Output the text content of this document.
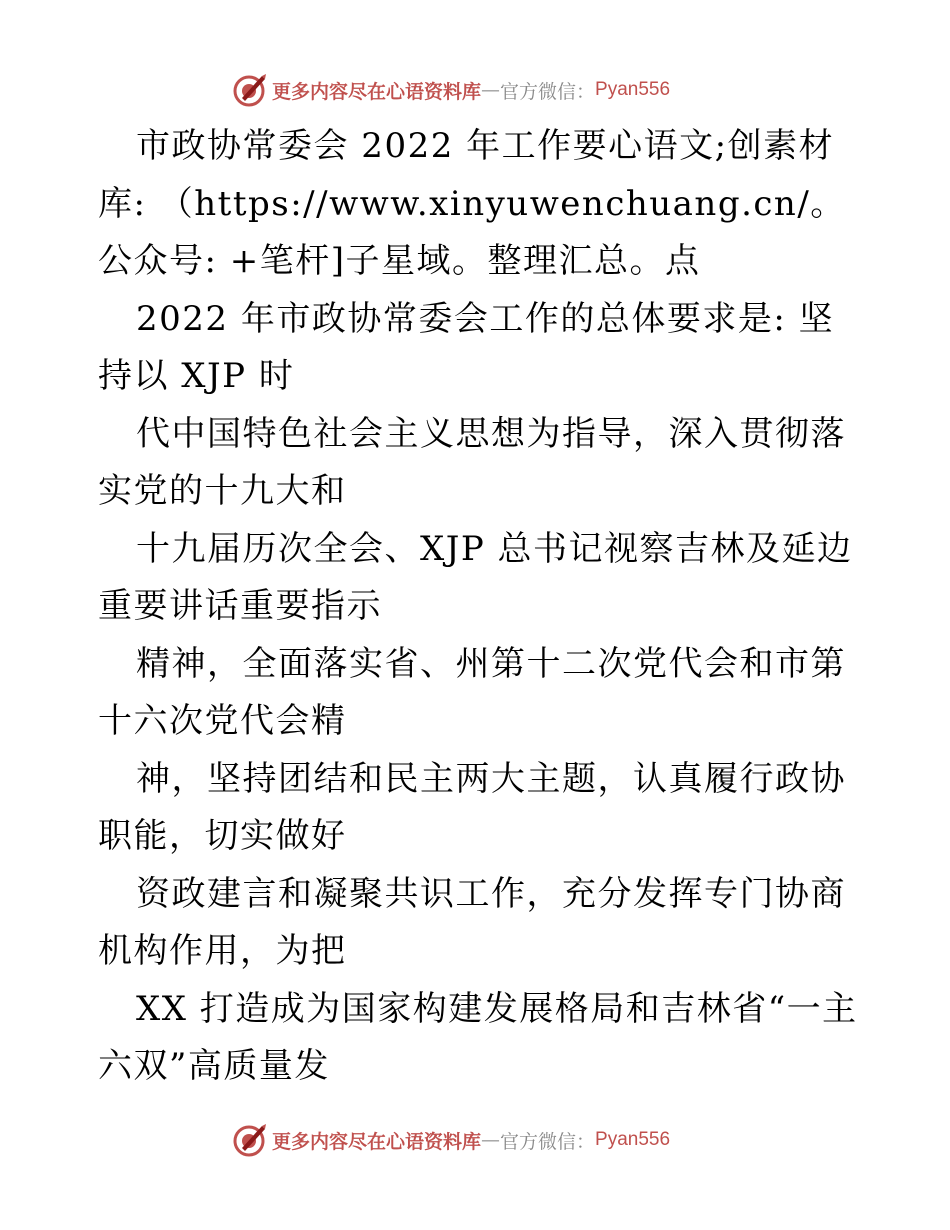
更多内容尽在心语资料库 — 官方微信： Pyan556

市政协常委会 2022 年工作要心语文;创素材库: （https://www.xinyuwenchuang.cn/。公众号: +笔杆]子星域。整理汇总。点

2022 年市政协常委会工作的总体要求是: 坚持以 XJP 时

代中国特色社会主义思想为指导，深入贯彻落实党的十九大和

十九届历次全会、XJP 总书记视察吉林及延边重要讲话重要指示

精神，全面落实省、州第十二次党代会和市第十六次党代会精

神，坚持团结和民主两大主题，认真履行政协职能，切实做好

资政建言和凝聚共识工作，充分发挥专门协商机构作用，为把

XX 打造成为国家构建发展格局和吉林省“一主六双”高质量发

更多内容尽在心语资料库 — 官方微信： Pyan556
